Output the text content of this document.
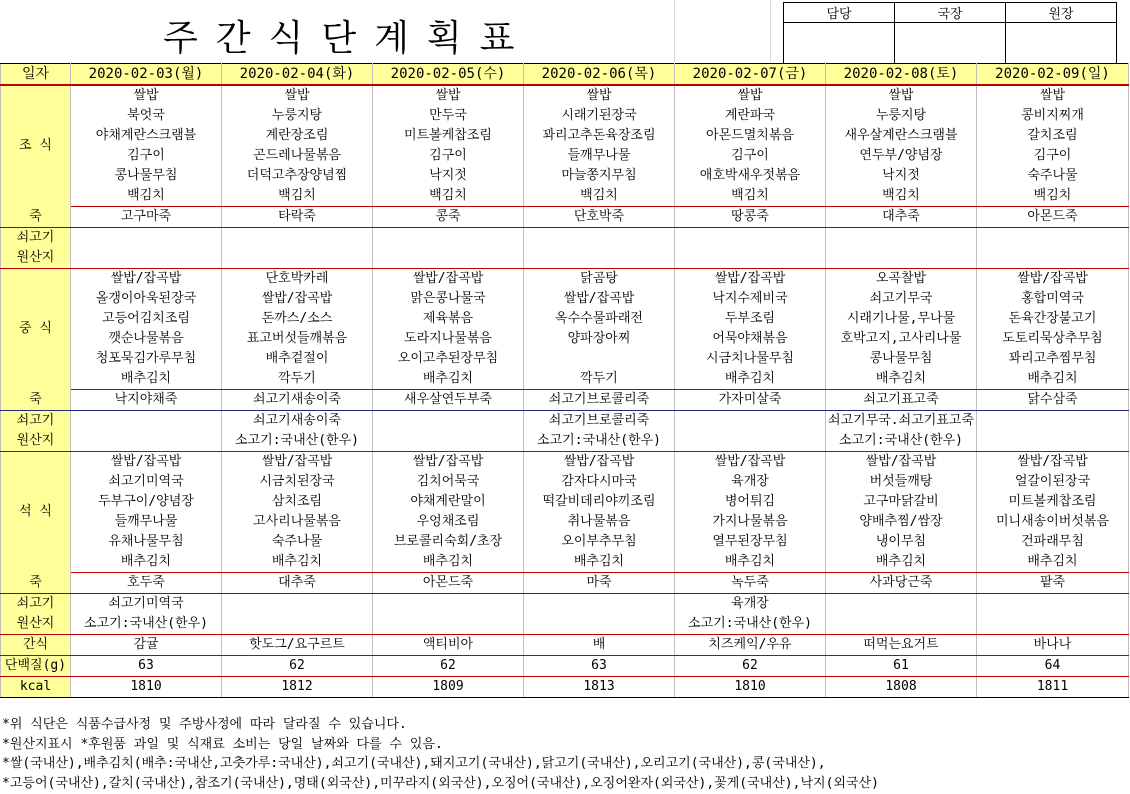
주간식단계획표
담당	국장	원장

일자	2020-02-03(월)	2020-02-04(화)	2020-02-05(수)	2020-02-06(목)	2020-02-07(금)	2020-02-08(토)	2020-02-09(일)
조 식	쌀밥	쌀밥	쌀밥	쌀밥	쌀밥	쌀밥	쌀밥
	북엇국	누룽지탕	만두국	시래기된장국	계란파국	누룽지탕	콩비지찌개
	야채계란스크램블	계란장조림	미트볼케찹조림	꽈리고추돈육장조림	아몬드멸치볶음	새우살계란스크램블	갈치조림
	김구이	곤드레나물볶음	김구이	들깨무나물	김구이	연두부/양념장	김구이
	콩나물무침	더덕고추장양념찜	낙지젓	마늘쫑지무침	애호박새우젓볶음	낙지젓	숙주나물
	백김치	백김치	백김치	백김치	백김치	백김치	백김치
죽	고구마죽	타락죽	콩죽	단호박죽	땅콩죽	대추죽	아몬드죽
쇠고기							
원산지							
중 식	쌀밥/잡곡밥	단호박카레	쌀밥/잡곡밥	닭곰탕	쌀밥/잡곡밥	오곡찰밥	쌀밥/잡곡밥
	올갱이아욱된장국	쌀밥/잡곡밥	맑은콩나물국	쌀밥/잡곡밥	낙지수제비국	쇠고기무국	홍합미역국
	고등어김치조림	돈까스/소스	제육볶음	옥수수물파래전	두부조림	시래기나물,무나물	돈육간장불고기
	깻순나물볶음	표고버섯들깨볶음	도라지나물볶음	양파장아찌	어묵야채볶음	호박고지,고사리나물	도토리묵상추무침
	청포묵김가루무침	배추겉절이	오이고추된장무침		시금치나물무침	콩나물무침	꽈리고추찜무침
	배추김치	깍두기	배추김치	깍두기	배추김치	배추김치	배추김치
죽	낙지야채죽	쇠고기새송이죽	새우살연두부죽	쇠고기브로콜리죽	가자미살죽	쇠고기표고죽	닭수삼죽
쇠고기		쇠고기새송이죽		쇠고기브로콜리죽		쇠고기무국.쇠고기표고죽	
원산지		소고기:국내산(한우)		소고기:국내산(한우)		소고기:국내산(한우)	
석 식	쌀밥/잡곡밥	쌀밥/잡곡밥	쌀밥/잡곡밥	쌀밥/잡곡밥	쌀밥/잡곡밥	쌀밥/잡곡밥	쌀밥/잡곡밥
	쇠고기미역국	시금치된장국	김치어묵국	감자다시마국	육개장	버섯들깨탕	얼갈이된장국
	두부구이/양념장	삼치조림	야채계란말이	떡갈비데리야끼조림	병어튀김	고구마닭갈비	미트볼케찹조림
	들깨무나물	고사리나물볶음	우엉채조림	취나물볶음	가지나물볶음	양배추찜/쌈장	미니새송이버섯볶음
	유채나물무침	숙주나물	브로콜리숙회/초장	오이부추무침	열무된장무침	냉이무침	건파래무침
	배추김치	배추김치	배추김치	배추김치	배추김치	배추김치	배추김치
죽	호두죽	대추죽	아몬드죽	마죽	녹두죽	사과당근죽	팥죽
쇠고기	쇠고기미역국				육개장		
원산지	소고기:국내산(한우)				소고기:국내산(한우)		
간식	감귤	핫도그/요구르트	액티비아	배	치즈케익/우유	떠먹는요거트	바나나
단백질(g)	63	62	62	63	62	61	64
kcal	1810	1812	1809	1813	1810	1808	1811
*위 식단은 식품수급사정 및 주방사정에 따라 달라질 수 있습니다.
*원산지표시 *후원품 과일 및 식재료 소비는 당일 날짜와 다를 수 있음.
*쌀(국내산),배추김치(배추:국내산,고춧가루:국내산),쇠고기(국내산),돼지고기(국내산),닭고기(국내산),오리고기(국내산),콩(국내산),
*고등어(국내산),갈치(국내산),참조기(국내산),명태(외국산),미꾸라지(외국산),오징어(국내산),오징어완자(외국산),꽃게(국내산),낙지(외국산)
